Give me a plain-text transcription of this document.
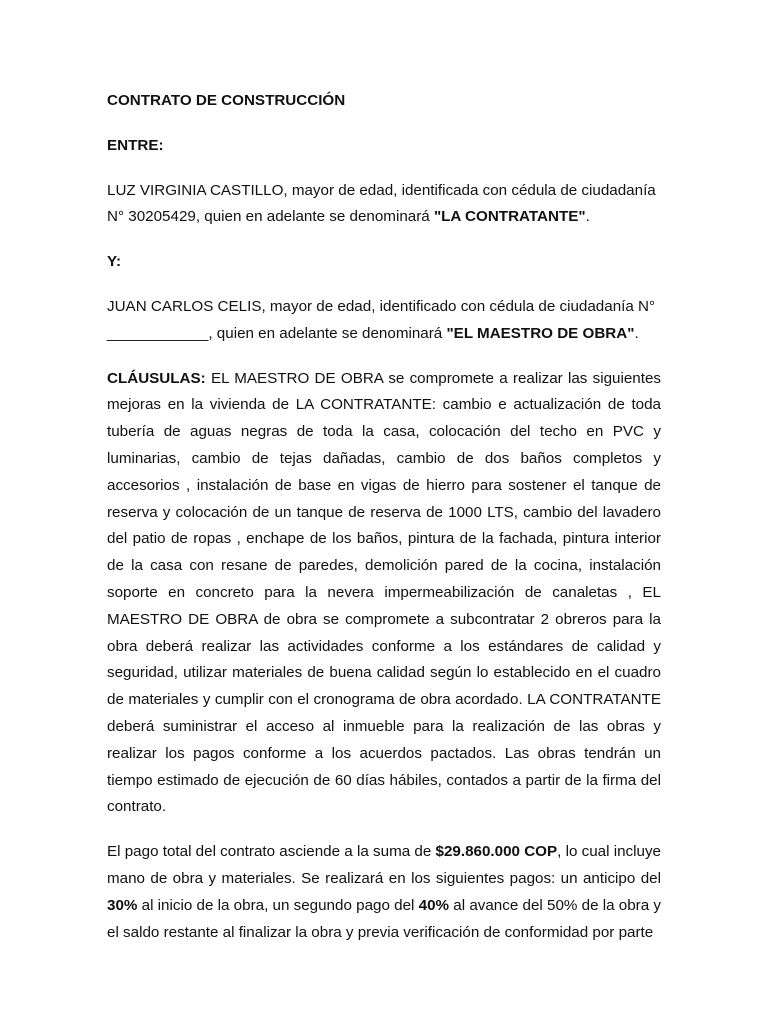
CONTRATO DE CONSTRUCCIÓN

ENTRE:

LUZ VIRGINIA CASTILLO, mayor de edad, identificada con cédula de ciudadanía N° 30205429, quien en adelante se denominará "LA CONTRATANTE".

Y:

JUAN CARLOS CELIS, mayor de edad, identificado con cédula de ciudadanía N° ____________, quien en adelante se denominará "EL MAESTRO DE OBRA".

CLÁUSULAS: EL MAESTRO DE OBRA se compromete a realizar las siguientes mejoras en la vivienda de LA CONTRATANTE: cambio e actualización de toda tubería de aguas negras de toda la casa, colocación del techo en PVC y luminarias, cambio de tejas dañadas, cambio de dos baños completos y accesorios , instalación de base en vigas de hierro para sostener el tanque de reserva y colocación de un tanque de reserva de 1000 LTS, cambio del lavadero del patio de ropas , enchape de los baños, pintura de la fachada, pintura interior de la casa con resane de paredes, demolición pared de la cocina, instalación soporte en concreto para la nevera impermeabilización de canaletas , EL MAESTRO DE OBRA de obra se compromete a subcontratar 2 obreros para la obra deberá realizar las actividades conforme a los estándares de calidad y seguridad, utilizar materiales de buena calidad según lo establecido en el cuadro de materiales y cumplir con el cronograma de obra acordado. LA CONTRATANTE deberá suministrar el acceso al inmueble para la realización de las obras y realizar los pagos conforme a los acuerdos pactados. Las obras tendrán un tiempo estimado de ejecución de 60 días hábiles, contados a partir de la firma del contrato.

El pago total del contrato asciende a la suma de $29.860.000 COP, lo cual incluye mano de obra y materiales. Se realizará en los siguientes pagos: un anticipo del 30% al inicio de la obra, un segundo pago del 40% al avance del 50% de la obra y el saldo restante al finalizar la obra y previa verificación de conformidad por parte
